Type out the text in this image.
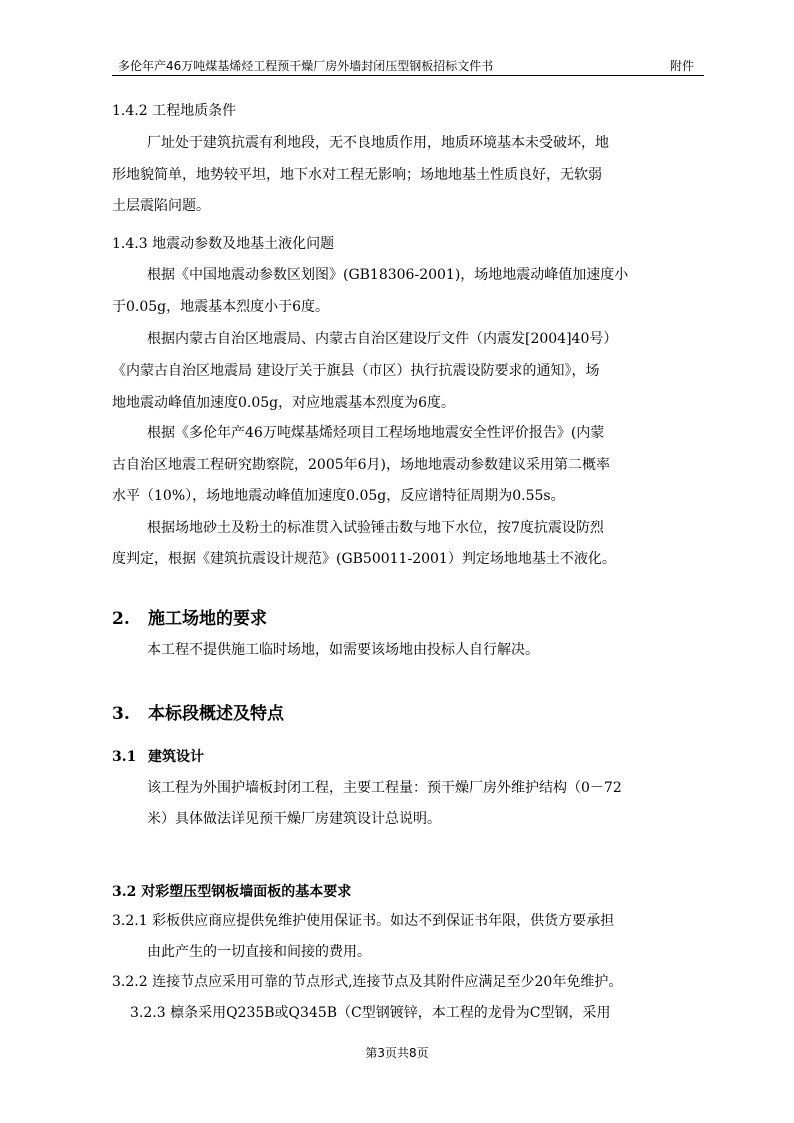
多伦年产46万吨煤基烯烃工程预干燥厂房外墙封闭压型钢板招标文件书	附件
1.4.2 工程地质条件
厂址处于建筑抗震有利地段，无不良地质作用，地质环境基本未受破坏，地
形地貌简单，地势较平坦，地下水对工程无影响；场地地基土性质良好，无软弱
土层震陷问题。
1.4.3 地震动参数及地基土液化问题
根据《中国地震动参数区划图》(GB18306-2001)，场地地震动峰值加速度小
于0.05g，地震基本烈度小于6度。
根据内蒙古自治区地震局、内蒙古自治区建设厅文件（内震发[2004]40号）
《内蒙古自治区地震局 建设厅关于旗县（市区）执行抗震设防要求的通知》，场
地地震动峰值加速度0.05g，对应地震基本烈度为6度。
根据《多伦年产46万吨煤基烯烃项目工程场地地震安全性评价报告》(内蒙
古自治区地震工程研究勘察院，2005年6月)，场地地震动参数建议采用第二概率
水平（10%），场地地震动峰值加速度0.05g，反应谱特征周期为0.55s。
根据场地砂土及粉土的标准贯入试验锤击数与地下水位，按7度抗震设防烈
度判定，根据《建筑抗震设计规范》(GB50011-2001）判定场地地基土不液化。
2. 施工场地的要求
本工程不提供施工临时场地，如需要该场地由投标人自行解决。
3. 本标段概述及特点
3.1 建筑设计
该工程为外围护墙板封闭工程，主要工程量：预干燥厂房外维护结构（0－72
米）具体做法详见预干燥厂房建筑设计总说明。
3.2 对彩塑压型钢板墙面板的基本要求
3.2.1 彩板供应商应提供免维护使用保证书。如达不到保证书年限，供货方要承担
由此产生的一切直接和间接的费用。
3.2.2 连接节点应采用可靠的节点形式,连接节点及其附件应满足至少20年免维护。
3.2.3 檩条采用Q235B或Q345B（C型钢镀锌，本工程的龙骨为C型钢，采用
第3页共8页
